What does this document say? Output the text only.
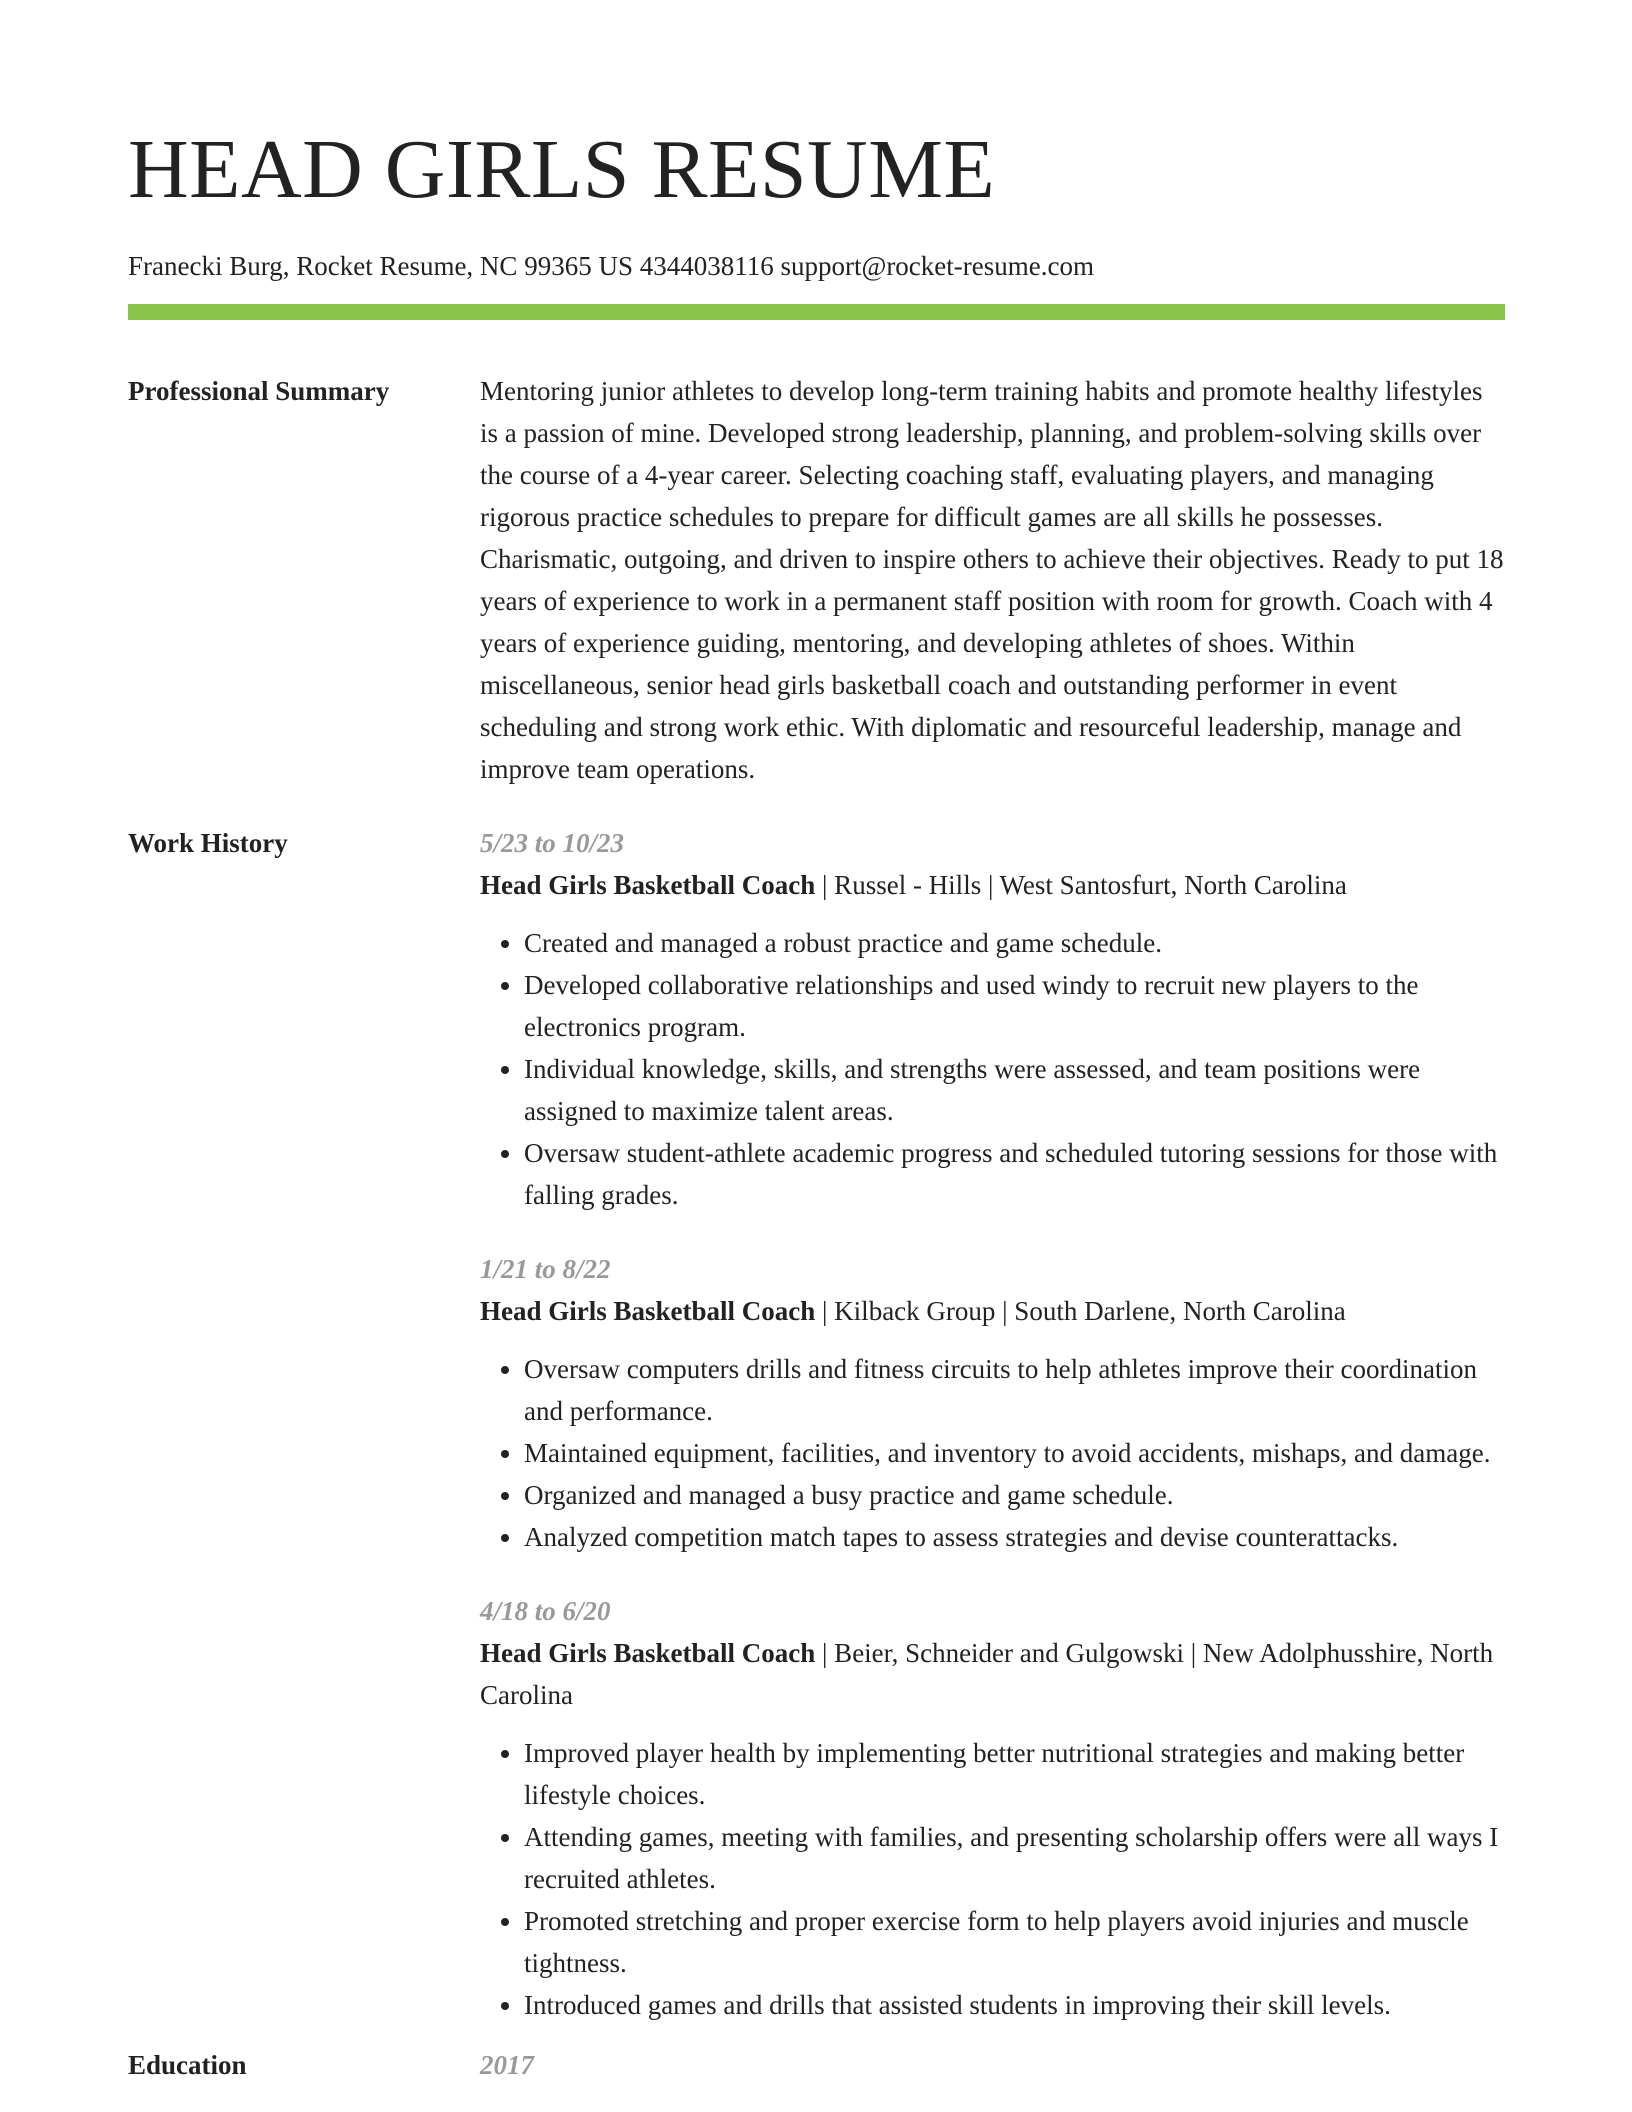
HEAD GIRLS RESUME
Franecki Burg, Rocket Resume, NC 99365 US 4344038116 support@rocket-resume.com
Professional Summary	Mentoring junior athletes to develop long-term training habits and promote healthy lifestyles is a passion of mine. Developed strong leadership, planning, and problem-solving skills over the course of a 4-year career. Selecting coaching staff, evaluating players, and managing rigorous practice schedules to prepare for difficult games are all skills he possesses. Charismatic, outgoing, and driven to inspire others to achieve their objectives. Ready to put 18 years of experience to work in a permanent staff position with room for growth. Coach with 4 years of experience guiding, mentoring, and developing athletes of shoes. Within miscellaneous, senior head girls basketball coach and outstanding performer in event scheduling and strong work ethic. With diplomatic and resourceful leadership, manage and improve team operations.

Work History	5/23 to 10/23
Head Girls Basketball Coach | Russel - Hills | West Santosfurt, North Carolina
• Created and managed a robust practice and game schedule.
• Developed collaborative relationships and used windy to recruit new players to the electronics program.
• Individual knowledge, skills, and strengths were assessed, and team positions were assigned to maximize talent areas.
• Oversaw student-athlete academic progress and scheduled tutoring sessions for those with falling grades.
1/21 to 8/22
Head Girls Basketball Coach | Kilback Group | South Darlene, North Carolina
• Oversaw computers drills and fitness circuits to help athletes improve their coordination and performance.
• Maintained equipment, facilities, and inventory to avoid accidents, mishaps, and damage.
• Organized and managed a busy practice and game schedule.
• Analyzed competition match tapes to assess strategies and devise counterattacks.
4/18 to 6/20
Head Girls Basketball Coach | Beier, Schneider and Gulgowski | New Adolphusshire, North Carolina
• Improved player health by implementing better nutritional strategies and making better lifestyle choices.
• Attending games, meeting with families, and presenting scholarship offers were all ways I recruited athletes.
• Promoted stretching and proper exercise form to help players avoid injuries and muscle tightness.
• Introduced games and drills that assisted students in improving their skill levels.
Education	2017
